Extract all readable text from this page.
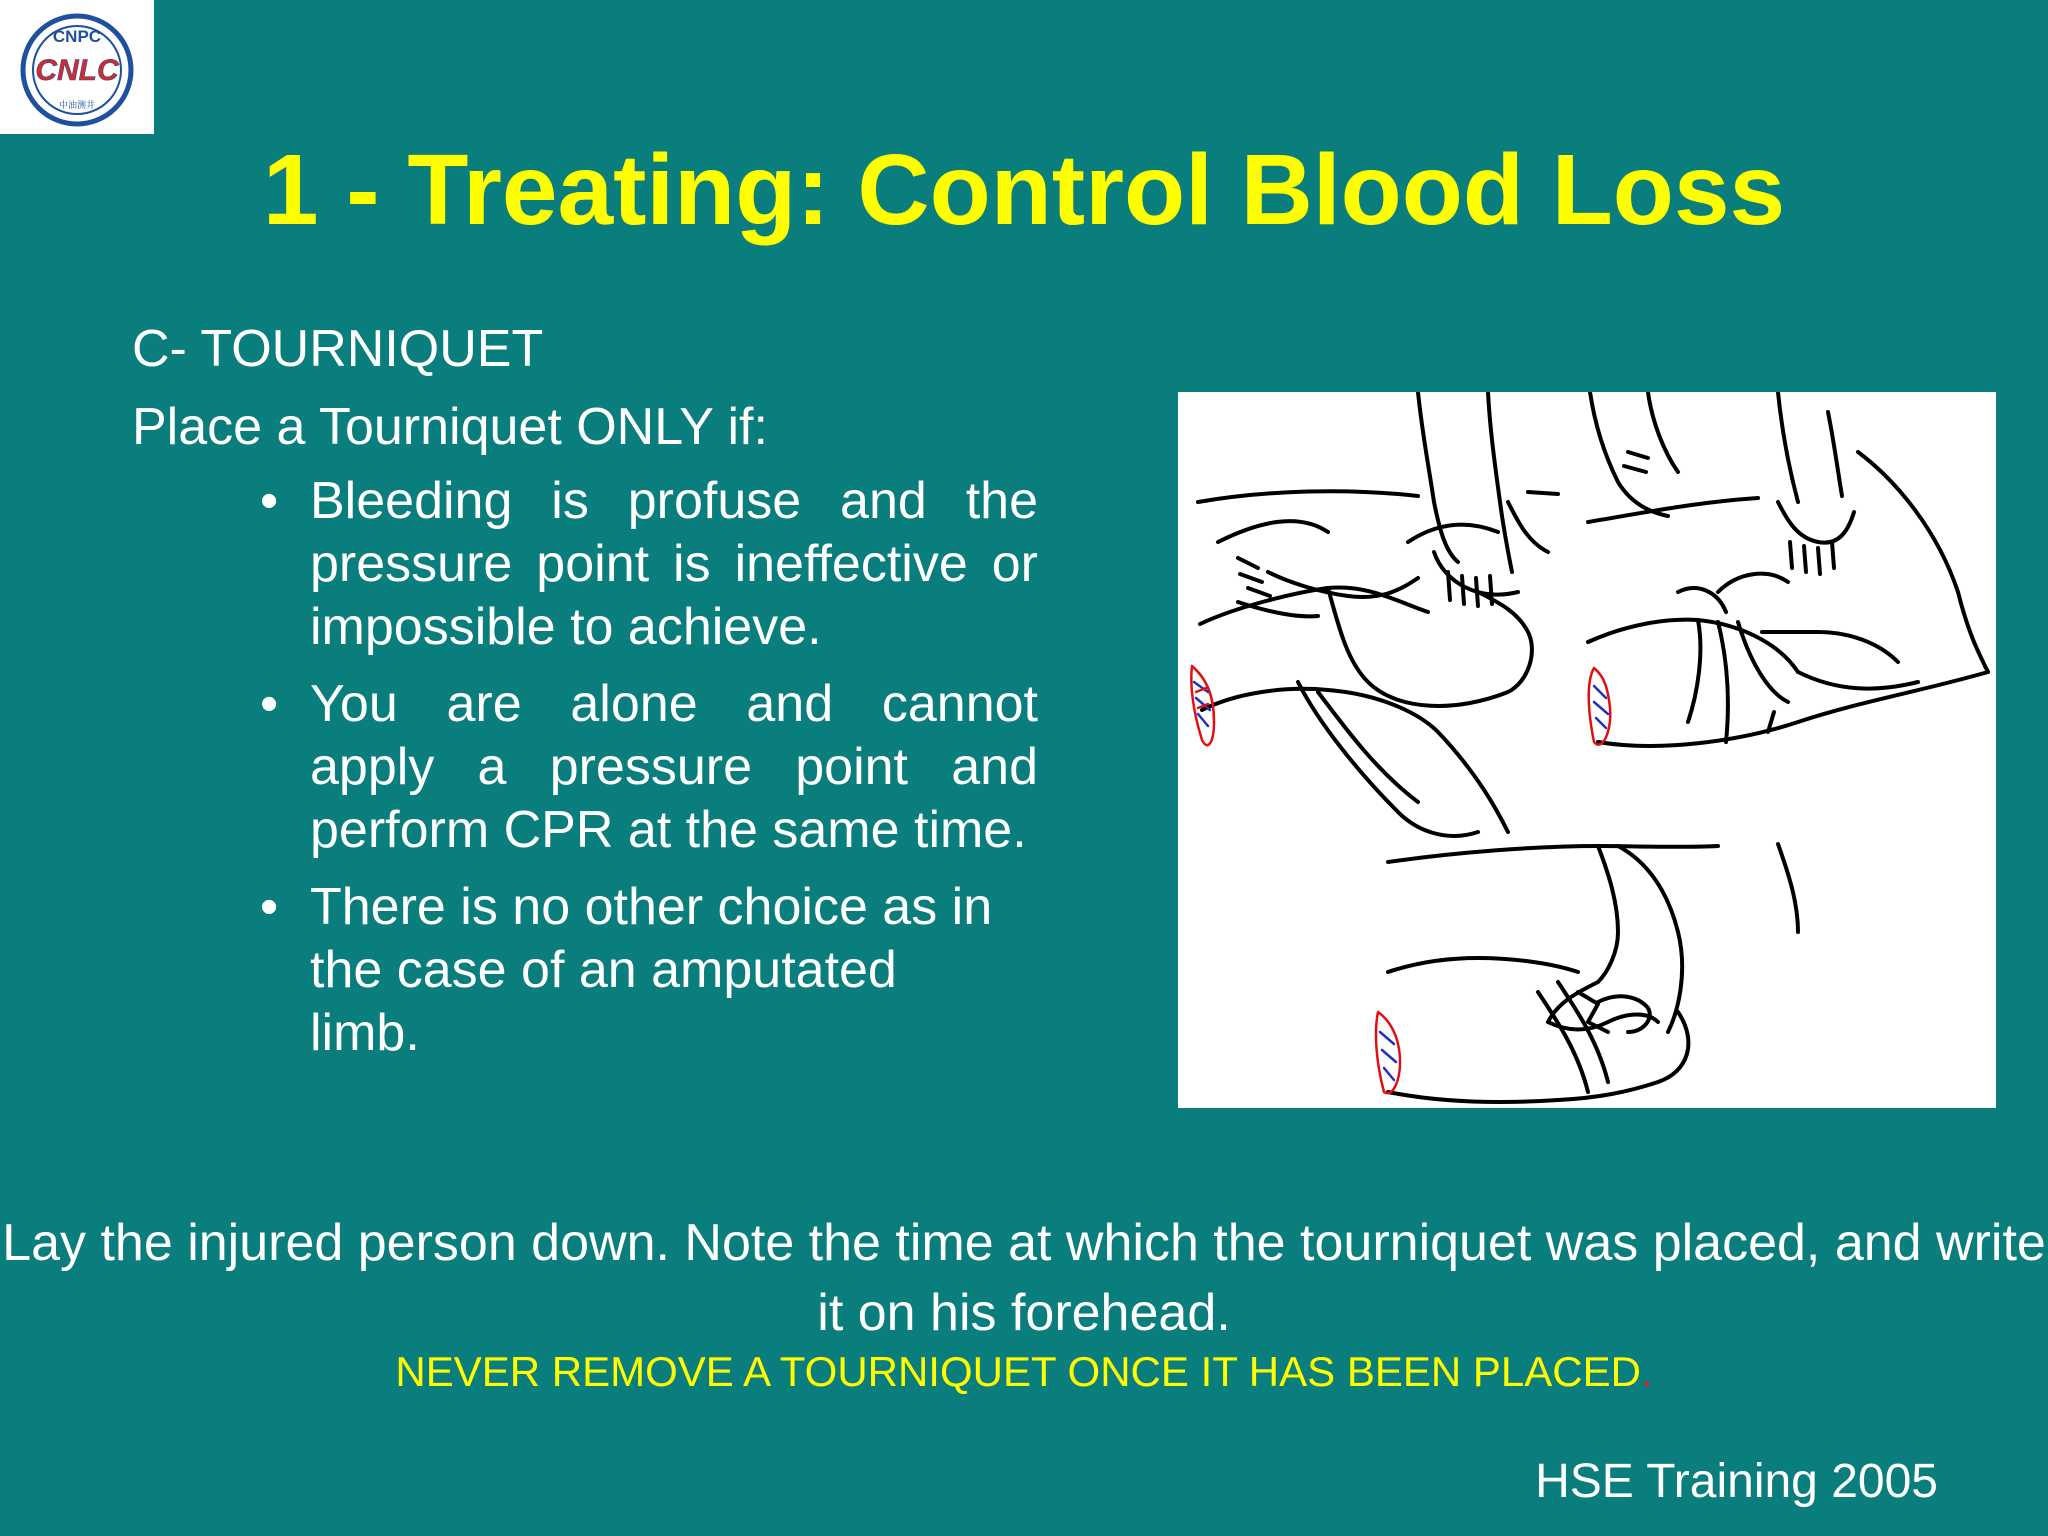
CNPC
CNLC
中油测井
1 - Treating: Control Blood Loss

C- TOURNIQUET

Place a Tourniquet ONLY if:

• Bleeding is profuse and the pressure point is ineffective or impossible to achieve.
• You are alone and cannot apply a pressure point and perform CPR at the same time.
• There is no other choice as in the case of an amputated limb.

Lay the injured person down. Note the time at which the tourniquet was placed, and write it on his forehead.

NEVER REMOVE A TOURNIQUET ONCE IT HAS BEEN PLACED.

HSE Training 2005
